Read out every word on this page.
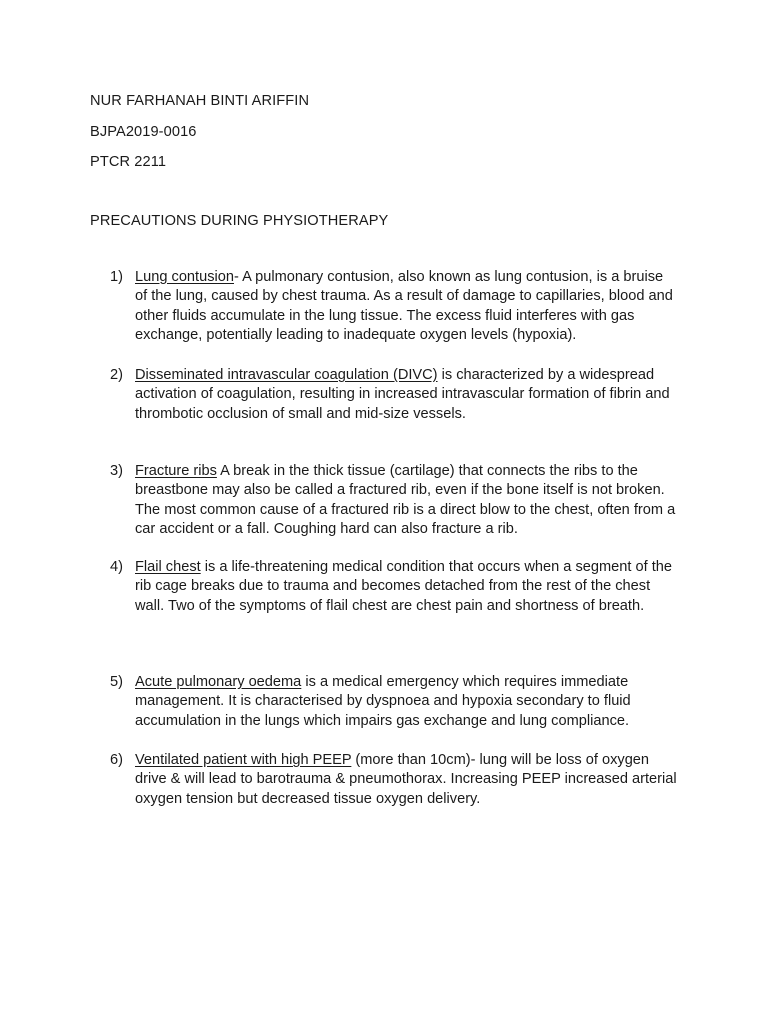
NUR FARHANAH BINTI ARIFFIN
BJPA2019-0016
PTCR 2211
PRECAUTIONS DURING PHYSIOTHERAPY
1) Lung contusion- A pulmonary contusion, also known as lung contusion, is a bruise of the lung, caused by chest trauma. As a result of damage to capillaries, blood and other fluids accumulate in the lung tissue. The excess fluid interferes with gas exchange, potentially leading to inadequate oxygen levels (hypoxia).
2) Disseminated intravascular coagulation (DIVC) is characterized by a widespread activation of coagulation, resulting in increased intravascular formation of fibrin and thrombotic occlusion of small and mid-size vessels.
3) Fracture ribs A break in the thick tissue (cartilage) that connects the ribs to the breastbone may also be called a fractured rib, even if the bone itself is not broken. The most common cause of a fractured rib is a direct blow to the chest, often from a car accident or a fall. Coughing hard can also fracture a rib.
4) Flail chest is a life-threatening medical condition that occurs when a segment of the rib cage breaks due to trauma and becomes detached from the rest of the chest wall. Two of the symptoms of flail chest are chest pain and shortness of breath.
5) Acute pulmonary oedema is a medical emergency which requires immediate management. It is characterised by dyspnoea and hypoxia secondary to fluid accumulation in the lungs which impairs gas exchange and lung compliance.
6) Ventilated patient with high PEEP (more than 10cm)- lung will be loss of oxygen drive & will lead to barotrauma & pneumothorax. Increasing PEEP increased arterial oxygen tension but decreased tissue oxygen delivery.
